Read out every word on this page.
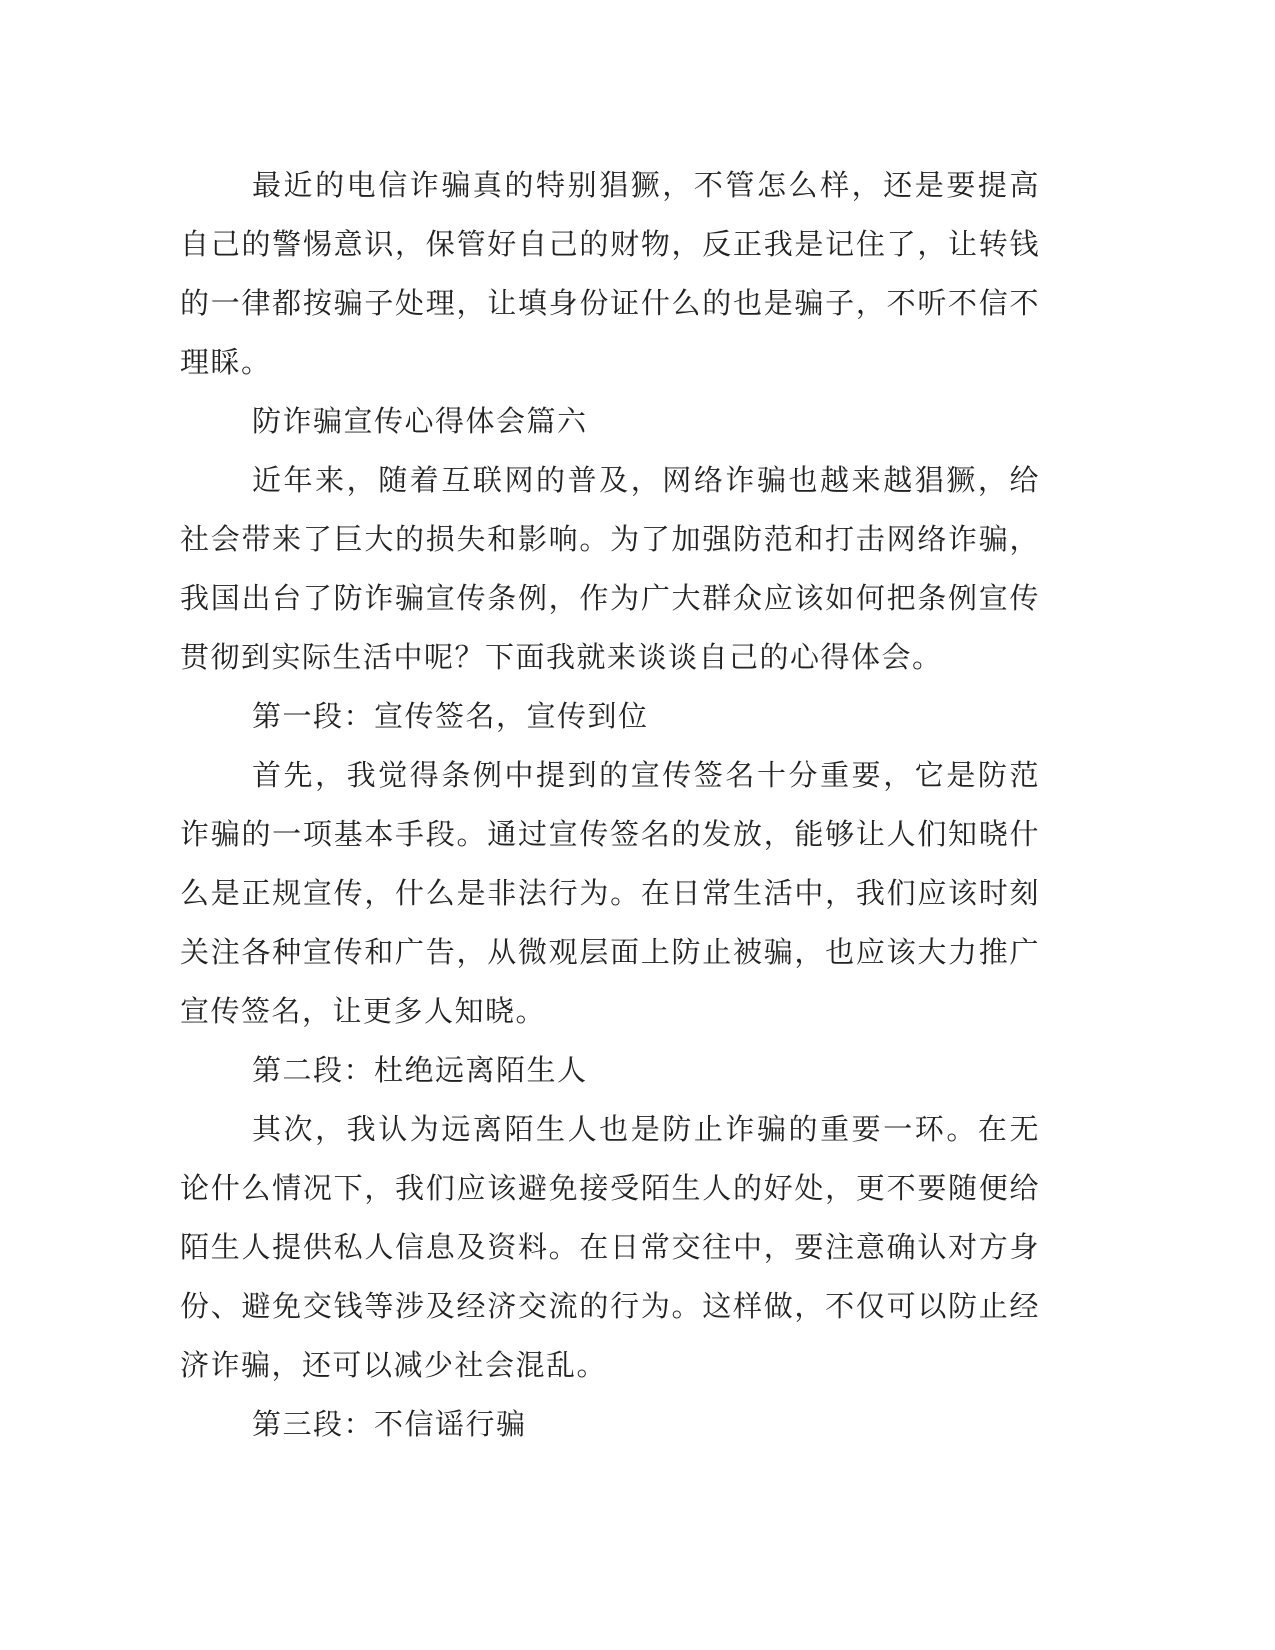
最近的电信诈骗真的特别猖獗，不管怎么样，还是要提高自己的警惕意识，保管好自己的财物，反正我是记住了，让转钱的一律都按骗子处理，让填身份证什么的也是骗子，不听不信不理睬。

防诈骗宣传心得体会篇六

近年来，随着互联网的普及，网络诈骗也越来越猖獗，给社会带来了巨大的损失和影响。为了加强防范和打击网络诈骗，我国出台了防诈骗宣传条例，作为广大群众应该如何把条例宣传贯彻到实际生活中呢？下面我就来谈谈自己的心得体会。

第一段：宣传签名，宣传到位

首先，我觉得条例中提到的宣传签名十分重要，它是防范诈骗的一项基本手段。通过宣传签名的发放，能够让人们知晓什么是正规宣传，什么是非法行为。在日常生活中，我们应该时刻关注各种宣传和广告，从微观层面上防止被骗，也应该大力推广宣传签名，让更多人知晓。

第二段：杜绝远离陌生人

其次，我认为远离陌生人也是防止诈骗的重要一环。在无论什么情况下，我们应该避免接受陌生人的好处，更不要随便给陌生人提供私人信息及资料。在日常交往中，要注意确认对方身份、避免交钱等涉及经济交流的行为。这样做，不仅可以防止经济诈骗，还可以减少社会混乱。

第三段：不信谣行骗
